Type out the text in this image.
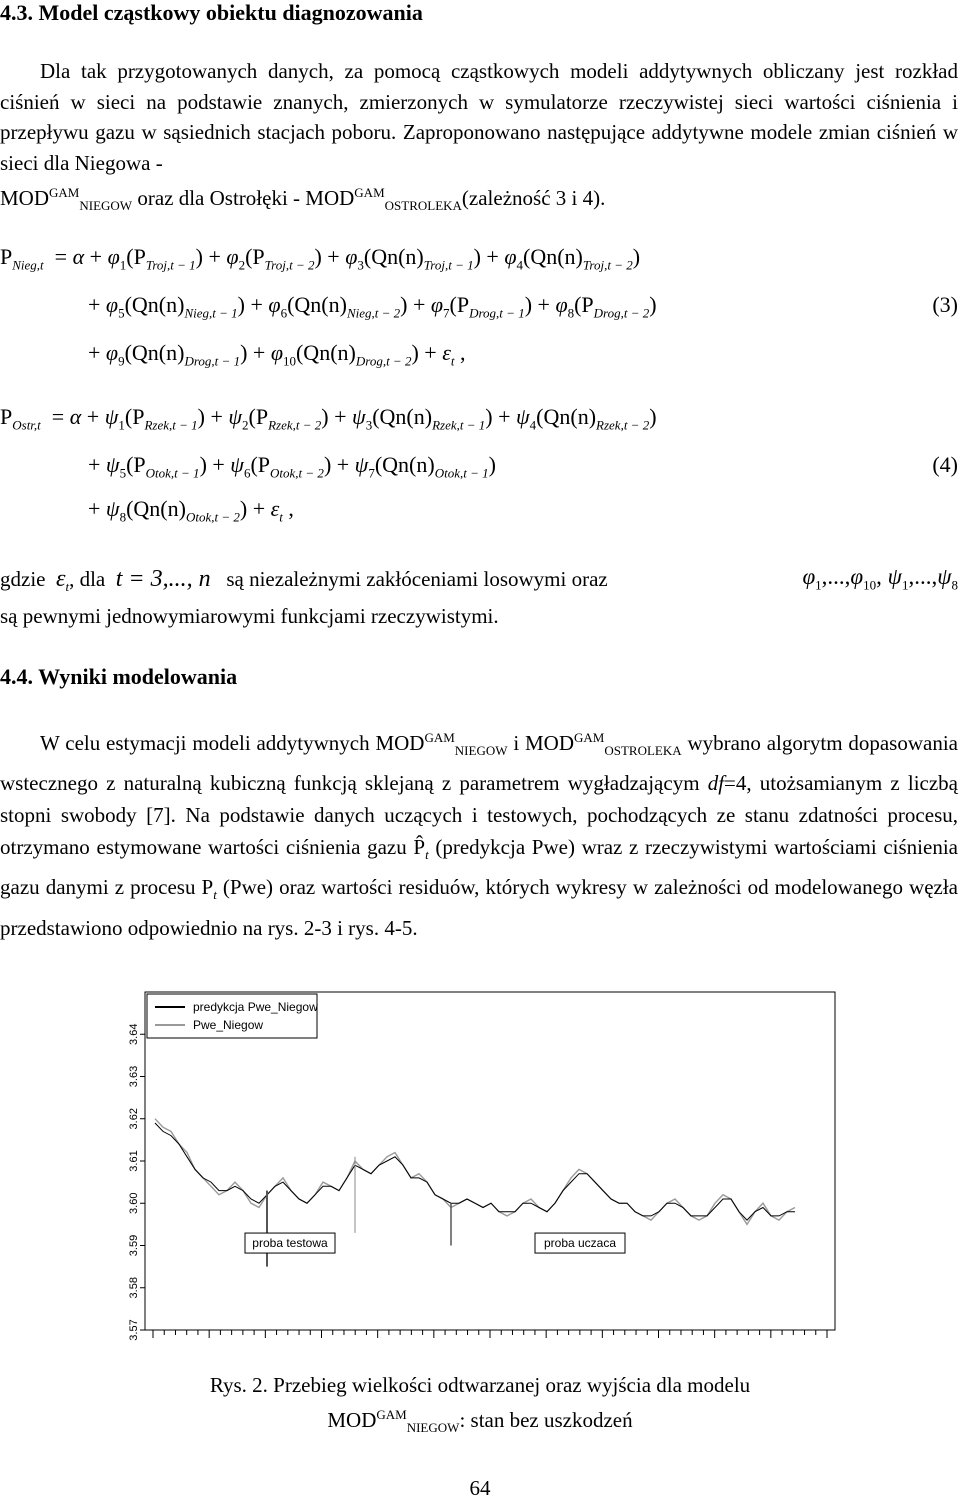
4.3. Model cząstkowy obiektu diagnozowania
Dla tak przygotowanych danych, za pomocą cząstkowych modeli addytywnych obliczany jest rozkład ciśnień w sieci na podstawie znanych, zmierzonych w symulatorze rzeczywistej sieci wartości ciśnienia i przepływu gazu w sąsiednich stacjach poboru. Zaproponowano następujące addytywne modele zmian ciśnień w sieci dla Niegowa -
$MOD^{GAM}_{NIEGOW}$ oraz dla Ostrołęki - $MOD^{GAM}_{OSTROLEKA}(zależność$ 3 i 4).
$P_{Nieg,t} = \alpha + \varphi_1(P_{Troj,t - 1}) + \varphi_2(P_{Troj,t - 2}) + \varphi_3(Qn(n)_{Troj,t - 1}) + \varphi_4(Qn(n)_{Troj,t - 2})$
+ $\varphi_5(Qn(n)_{Nieg,t - 1}) + \varphi_6(Qn(n)_{Nieg,t - 2}) + \varphi_7(P_{Drog,t - 1}) + \varphi_8(P_{Drog,t - 2})$	(3)
+ $\varphi_9(Qn(n)_{Drog,t - 1}) + \varphi_{10}(Qn(n)_{Drog,t - 2}) + \varepsilon_t$ ,
$P_{Ostr,t} = \alpha + \psi_1(P_{Rzek,t - 1}) + \psi_2(P_{Rzek,t - 2}) + \psi_3(Qn(n)_{Rzek,t - 1}) + \psi_4(Qn(n)_{Rzek,t - 2})$
+ $\psi_5(P_{Otok,t - 1}) + \psi_6(P_{Otok,t - 2}) + \psi_7(Qn(n)_{Otok,t - 1})$	(4)
+ $\psi_8(Qn(n)_{Otok,t - 2}) + \varepsilon_t$ ,
gdzie $\varepsilon_t$, dla t = 3,..., n są niezależnymi zakłóceniami losowymi oraz	$\varphi_1,...,\varphi_{10}$, $\psi_1,...,\psi_8$
są pewnymi jednowymiarowymi funkcjami rzeczywistymi.
4.4. Wyniki modelowania
W celu estymacji modeli addytywnych $MOD^{GAM}_{NIEGOW}$ i $MOD^{GAM}_{OSTROLEKA}$ wybrano algorytm dopasowania wstecznego z naturalną kubiczną funkcją sklejaną z parametrem wygładzającym df=4, utożsamianym z liczbą stopni swobody [7]. Na podstawie danych uczących i testowych, pochodzących ze stanu zdatności procesu, otrzymano estymowane wartości ciśnienia gazu $P̂_t$ (predykcja Pwe) wraz z rzeczywistymi wartościami ciśnienia gazu danymi z procesu $P_t$ (Pwe) oraz wartości residuów, których wykresy w zależności od modelowanego węzła przedstawiono odpowiednio na rys. 2-3 i rys. 4-5.
3.57
3.58
3.59
3.60
3.61
3.62
3.63
3.64
proba testowa	proba uczaca
predykcja Pwe_Niegow
Pwe_Niegow
Rys. 2. Przebieg wielkości odtwarzanej oraz wyjścia dla modelu
$MOD^{GAM}_{NIEGOW}$: stan bez uszkodzeń
64
